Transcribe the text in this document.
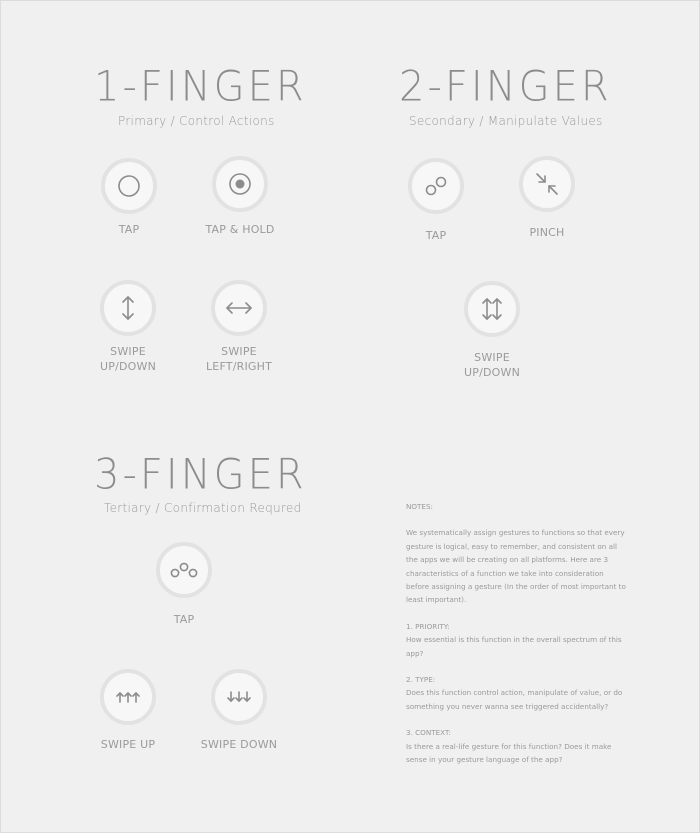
1-FINGER
Primary / Control Actions
TAP	TAP & HOLD
SWIPE
UP/DOWN
SWIPE
LEFT/RIGHT
2-FINGER
Secondary / Manipulate Values
TAP	PINCH
SWIPE
UP/DOWN
3-FINGER
Tertiary / Confirmation Requred
TAP
SWIPE UP	SWIPE DOWN

NOTES:

We systematically assign gestures to functions so that every gesture is logical, easy to remember, and consistent on all the apps we will be creating on all platforms. Here are 3 characteristics of a function we take into consideration before assigning a gesture (In the order of most important to least important).

1. PRIORITY:
How essential is this function in the overall spectrum of this app?
2. TYPE:
Does this function control action, manipulate of value, or do something you never wanna see triggered accidentally?
3. CONTEXT:
Is there a real-life gesture for this function? Does it make sense in your gesture language of the app?
